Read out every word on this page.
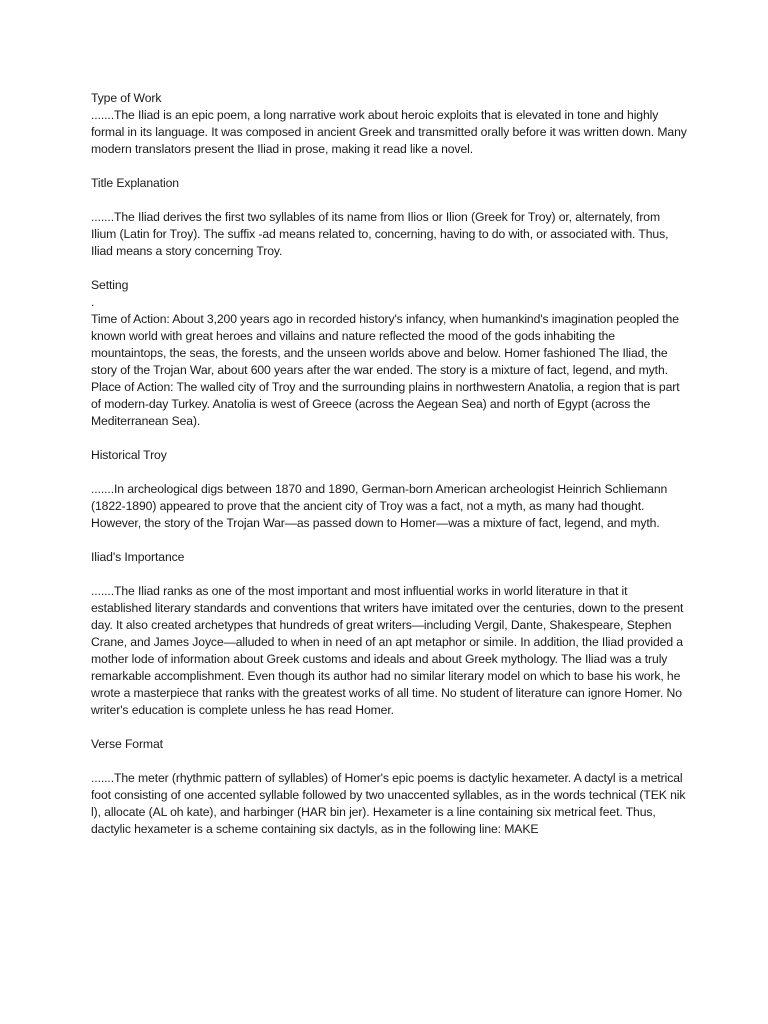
Type of Work

.......The Iliad is an epic poem, a long narrative work about heroic exploits that is elevated in tone and highly formal in its language. It was composed in ancient Greek and transmitted orally before it was written down. Many modern translators present the Iliad in prose, making it read like a novel.

Title Explanation

.......The Iliad derives the first two syllables of its name from Ilios or Ilion (Greek for Troy) or, alternately, from Ilium (Latin for Troy). The suffix -ad means related to, concerning, having to do with, or associated with. Thus, Iliad means a story concerning Troy.

Setting

.

Time of Action: About 3,200 years ago in recorded history's infancy, when humankind's imagination peopled the known world with great heroes and villains and nature reflected the mood of the gods inhabiting the mountaintops, the seas, the forests, and the unseen worlds above and below. Homer fashioned The Iliad, the story of the Trojan War, about 600 years after the war ended. The story is a mixture of fact, legend, and myth.

Place of Action: The walled city of Troy and the surrounding plains in northwestern Anatolia, a region that is part of modern-day Turkey. Anatolia is west of Greece (across the Aegean Sea) and north of Egypt (across the Mediterranean Sea).

Historical Troy

.......In archeological digs between 1870 and 1890, German-born American archeologist Heinrich Schliemann (1822-1890) appeared to prove that the ancient city of Troy was a fact, not a myth, as many had thought. However, the story of the Trojan War—as passed down to Homer—was a mixture of fact, legend, and myth.

Iliad's Importance

.......The Iliad ranks as one of the most important and most influential works in world literature in that it established literary standards and conventions that writers have imitated over the centuries, down to the present day. It also created archetypes that hundreds of great writers—including Vergil, Dante, Shakespeare, Stephen Crane, and James Joyce—alluded to when in need of an apt metaphor or simile. In addition, the Iliad provided a mother lode of information about Greek customs and ideals and about Greek mythology. The Iliad was a truly remarkable accomplishment. Even though its author had no similar literary model on which to base his work, he wrote a masterpiece that ranks with the greatest works of all time. No student of literature can ignore Homer. No writer's education is complete unless he has read Homer.

Verse Format

.......The meter (rhythmic pattern of syllables) of Homer's epic poems is dactylic hexameter. A dactyl is a metrical foot consisting of one accented syllable followed by two unaccented syllables, as in the words technical (TEK nik l), allocate (AL oh kate), and harbinger (HAR bin jer). Hexameter is a line containing six metrical feet. Thus, dactylic hexameter is a scheme containing six dactyls, as in the following line: MAKE
